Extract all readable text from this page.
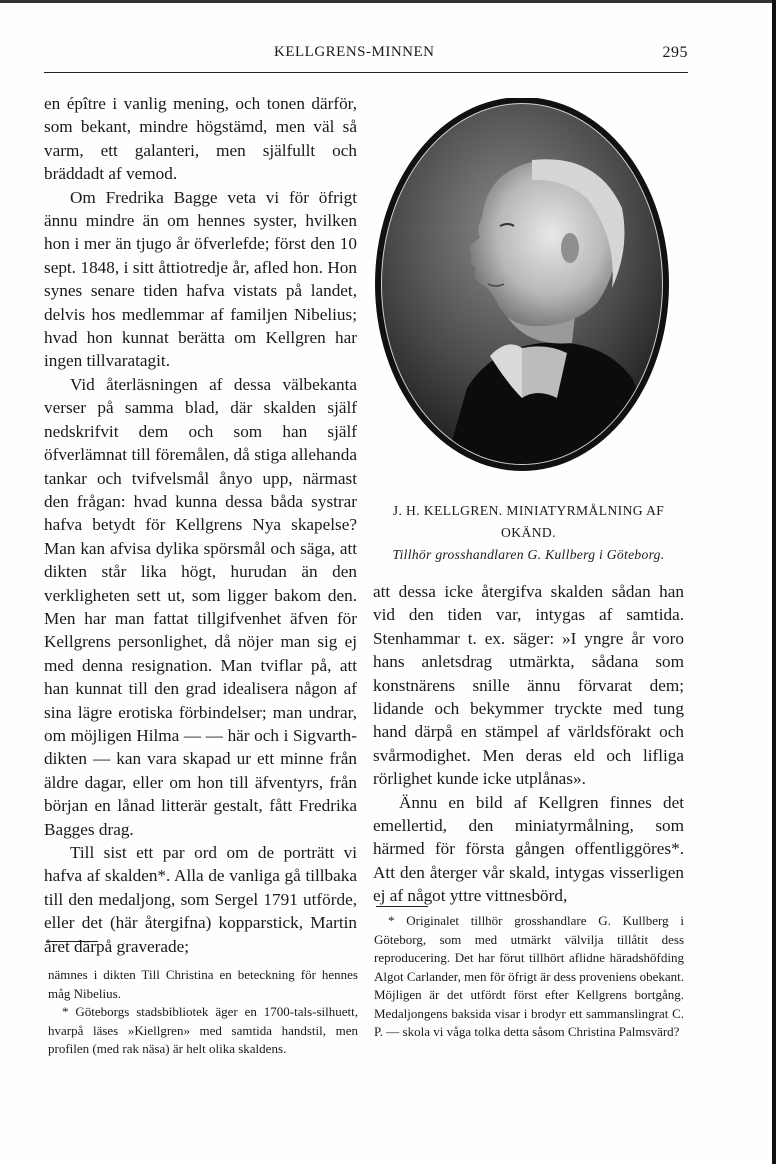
KELLGRENS-MINNEN	295

en épître i vanlig mening, och tonen därför, som bekant, mindre högstämd, men väl så varm, ett galanteri, men själfullt och bräddadt af vemod.

Om Fredrika Bagge veta vi för öfrigt ännu mindre än om hennes syster, hvilken hon i mer än tjugo år öfverlefde; först den 10 sept. 1848, i sitt åttiotredje år, afled hon. Hon synes senare tiden hafva vistats på landet, delvis hos medlemmar af familjen Nibelius; hvad hon kunnat berätta om Kellgren har ingen tillvaratagit.

Vid återläsningen af dessa välbekanta verser på samma blad, där skalden själf nedskrifvit dem och som han själf öfverlämnat till föremålen, då stiga allehanda tankar och tvifvelsmål ånyo upp, närmast den frågan: hvad kunna dessa båda systrar hafva betydt för Kellgrens Nya skapelse? Man kan afvisa dylika spörsmål och säga, att dikten står lika högt, hurudan än den verkligheten sett ut, som ligger bakom den. Men har man fattat tillgifvenhet äfven för Kellgrens personlighet, då nöjer man sig ej med denna resignation. Man tviflar på, att han kunnat till den grad idealisera någon af sina lägre erotiska förbindelser; man undrar, om möjligen Hilma — — här och i Sigvarth-dikten — kan vara skapad ur ett minne från äldre dagar, eller om hon till äfventyrs, från början en lånad litterär gestalt, fått Fredrika Bagges drag.

Till sist ett par ord om de porträtt vi hafva af skalden*. Alla de vanliga gå tillbaka till den medaljong, som Sergel 1791 utförde, eller det (här återgifna) kopparstick, Martin året därpå graverade;

J. H. KELLGREN. MINIATYRMÅLNING AF OKÄND.
Tillhör grosshandlaren G. Kullberg i Göteborg.

att dessa icke återgifva skalden sådan han vid den tiden var, intygas af samtida. Stenhammar t. ex. säger: »I yngre år voro hans anletsdrag utmärkta, sådana som konstnärens snille ännu förvarat dem; lidande och bekymmer tryckte med tung hand därpå en stämpel af världsförakt och svårmodighet. Men deras eld och lifliga rörlighet kunde icke utplånas».

Ännu en bild af Kellgren finnes det emellertid, den miniatyrmålning, som härmed för första gången offentliggöres*. Att den återger vår skald, intygas visserligen ej af något yttre vittnesbörd,

nämnes i dikten Till Christina en beteckning för hennes måg Nibelius.

* Göteborgs stadsbibliotek äger en 1700-tals-silhuett, hvarpå läses »Kiellgren» med samtida handstil, men profilen (med rak näsa) är helt olika skaldens.

* Originalet tillhör grosshandlare G. Kullberg i Göteborg, som med utmärkt välvilja tillåtit dess reproducering. Det har förut tillhört aflidne häradshöfding Algot Carlander, men för öfrigt är dess proveniens obekant. Möjligen är det utfördt först efter Kellgrens bortgång. Medaljongens baksida visar i brodyr ett sammanslingrat C. P. — skola vi våga tolka detta såsom Christina Palmsvärd?
